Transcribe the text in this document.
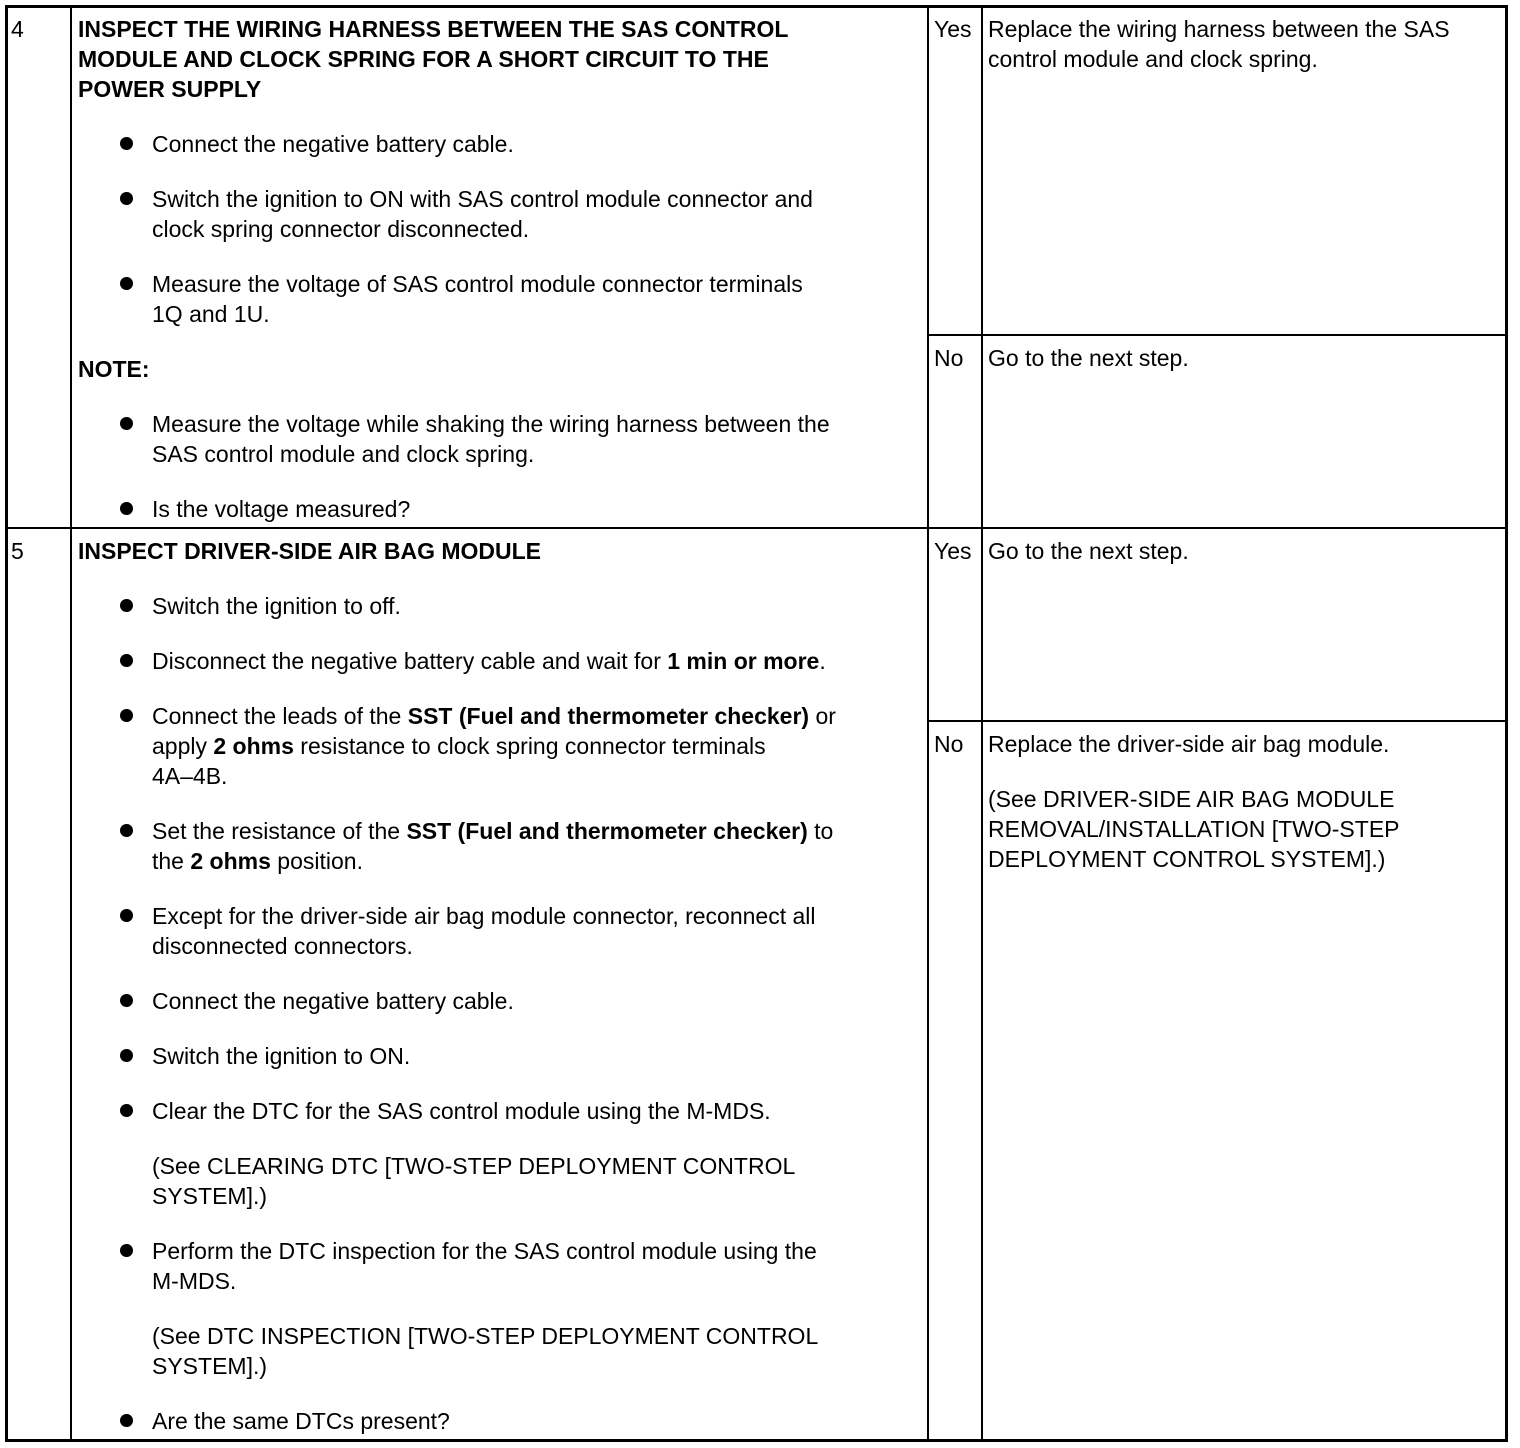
4 INSPECT THE WIRING HARNESS BETWEEN THE SAS CONTROL
MODULE AND CLOCK SPRING FOR A SHORT CIRCUIT TO THE
POWER SUPPLY
Connect the negative battery cable.
Switch the ignition to ON with SAS control module connector and
clock spring connector disconnected.
Measure the voltage of SAS control module connector terminals
1Q and 1U.
NOTE:
Measure the voltage while shaking the wiring harness between the
SAS control module and clock spring.
Is the voltage measured?
Yes Replace the wiring harness between the SAS
control module and clock spring.
No Go to the next step.
5 INSPECT DRIVER-SIDE AIR BAG MODULE
Switch the ignition to off.
Disconnect the negative battery cable and wait for 1 min or more.
Connect the leads of the SST (Fuel and thermometer checker) or
apply 2 ohms resistance to clock spring connector terminals
4A–4B.
Set the resistance of the SST (Fuel and thermometer checker) to
the 2 ohms position.
Except for the driver-side air bag module connector, reconnect all
disconnected connectors.
Connect the negative battery cable.
Switch the ignition to ON.
Clear the DTC for the SAS control module using the M-MDS.
(See CLEARING DTC [TWO-STEP DEPLOYMENT CONTROL
SYSTEM].)
Perform the DTC inspection for the SAS control module using the
M-MDS.
(See DTC INSPECTION [TWO-STEP DEPLOYMENT CONTROL
SYSTEM].)
Are the same DTCs present?
Yes Go to the next step.
No Replace the driver-side air bag module.
(See DRIVER-SIDE AIR BAG MODULE
REMOVAL/INSTALLATION [TWO-STEP
DEPLOYMENT CONTROL SYSTEM].)
